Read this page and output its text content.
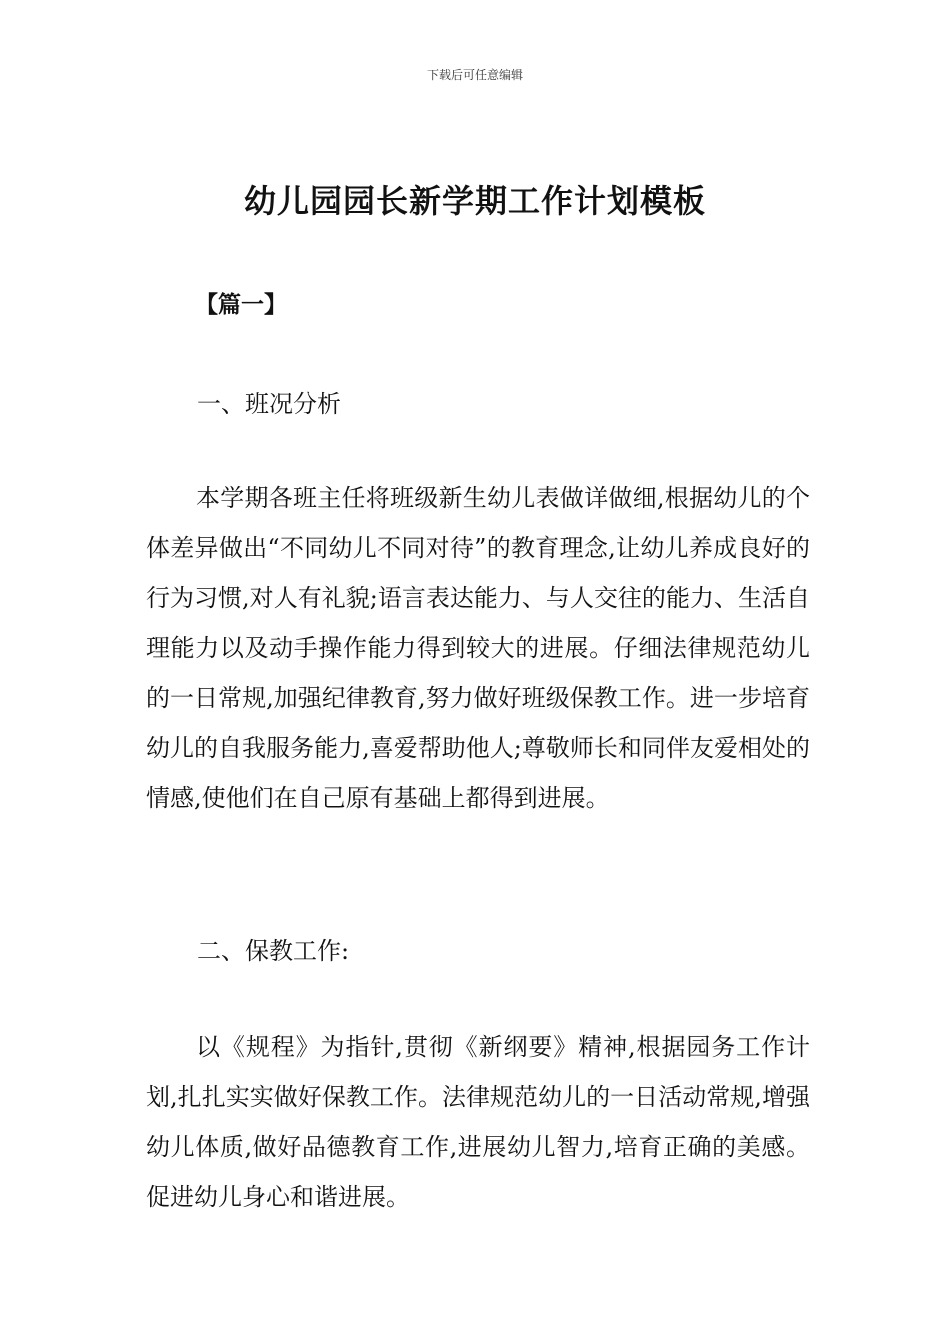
下载后可任意编辑
幼儿园园长新学期工作计划模板
【篇一】
一、班况分析

本学期各班主任将班级新生幼儿表做详做细,根据幼儿的个体差异做出“不同幼儿不同对待”的教育理念,让幼儿养成良好的行为习惯,对人有礼貌;语言表达能力、与人交往的能力、生活自理能力以及动手操作能力得到较大的进展。仔细法律规范幼儿的一日常规,加强纪律教育,努力做好班级保教工作。进一步培育幼儿的自我服务能力,喜爱帮助他人;尊敬师长和同伴友爱相处的情感,使他们在自己原有基础上都得到进展。

二、保教工作:

以《规程》为指针,贯彻《新纲要》精神,根据园务工作计划,扎扎实实做好保教工作。法律规范幼儿的一日活动常规,增强幼儿体质,做好品德教育工作,进展幼儿智力,培育正确的美感。促进幼儿身心和谐进展。
